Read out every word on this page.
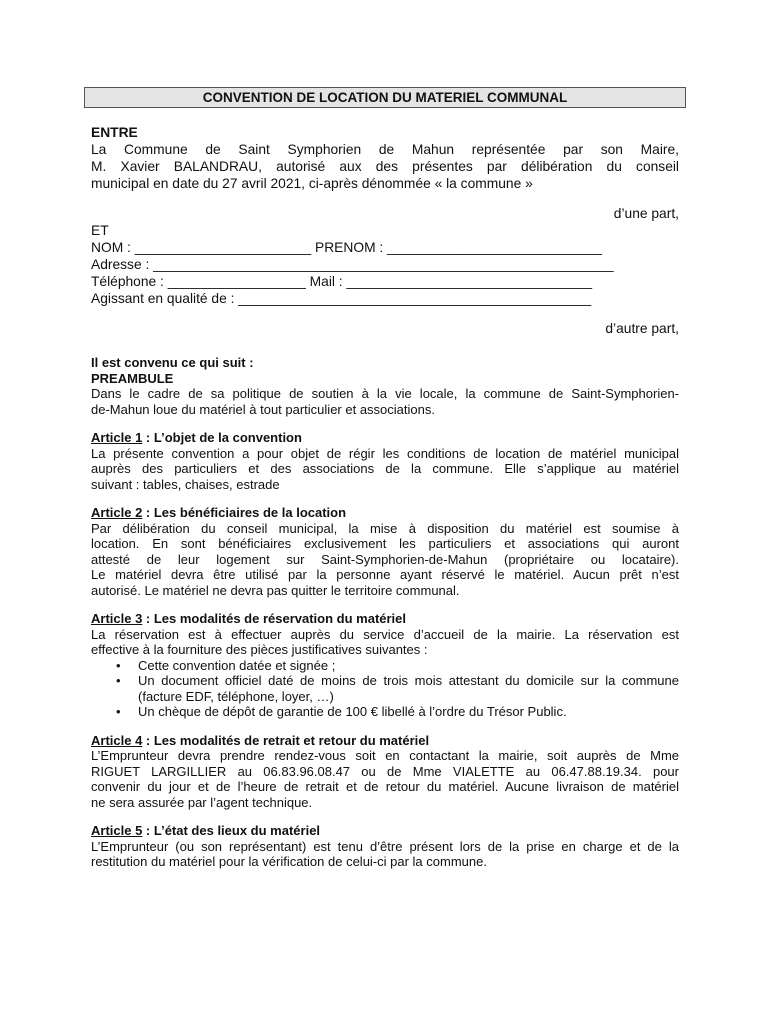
CONVENTION DE LOCATION DU MATERIEL COMMUNAL
ENTRE
La Commune de Saint Symphorien de Mahun représentée par son Maire,
M. Xavier BALANDRAU, autorisé aux des présentes par délibération du conseil
municipal en date du 27 avril 2021, ci-après dénommée « la commune »
d’une part,
ET
NOM : _______________________ PRENOM : ____________________________
Adresse : ____________________________________________________________
Téléphone : __________________ Mail : ________________________________
Agissant en qualité de : ______________________________________________
d’autre part,
Il est convenu ce qui suit :
PREAMBULE
Dans le cadre de sa politique de soutien à la vie locale, la commune de Saint-Symphorien-
de-Mahun loue du matériel à tout particulier et associations.
Article 1 : L’objet de la convention
La présente convention a pour objet de régir les conditions de location de matériel municipal
auprès des particuliers et des associations de la commune. Elle s’applique au matériel
suivant : tables, chaises, estrade
Article 2 : Les bénéficiaires de la location
Par délibération du conseil municipal, la mise à disposition du matériel est soumise à
location. En sont bénéficiaires exclusivement les particuliers et associations qui auront
attesté de leur logement sur Saint-Symphorien-de-Mahun (propriétaire ou locataire).
Le matériel devra être utilisé par la personne ayant réservé le matériel. Aucun prêt n’est
autorisé. Le matériel ne devra pas quitter le territoire communal.
Article 3 : Les modalités de réservation du matériel
La réservation est à effectuer auprès du service d’accueil de la mairie. La réservation est
effective à la fourniture des pièces justificatives suivantes :
• Cette convention datée et signée ;
• Un document officiel daté de moins de trois mois attestant du domicile sur la commune (facture EDF, téléphone, loyer, …)
• Un chèque de dépôt de garantie de 100 € libellé à l’ordre du Trésor Public.
Article 4 : Les modalités de retrait et retour du matériel
L’Emprunteur devra prendre rendez-vous soit en contactant la mairie, soit auprès de Mme
RIGUET LARGILLIER au 06.83.96.08.47 ou de Mme VIALETTE au 06.47.88.19.34. pour
convenir du jour et de l’heure de retrait et de retour du matériel. Aucune livraison de matériel
ne sera assurée par l’agent technique.
Article 5 : L’état des lieux du matériel
L’Emprunteur (ou son représentant) est tenu d’être présent lors de la prise en charge et de la
restitution du matériel pour la vérification de celui-ci par la commune.
